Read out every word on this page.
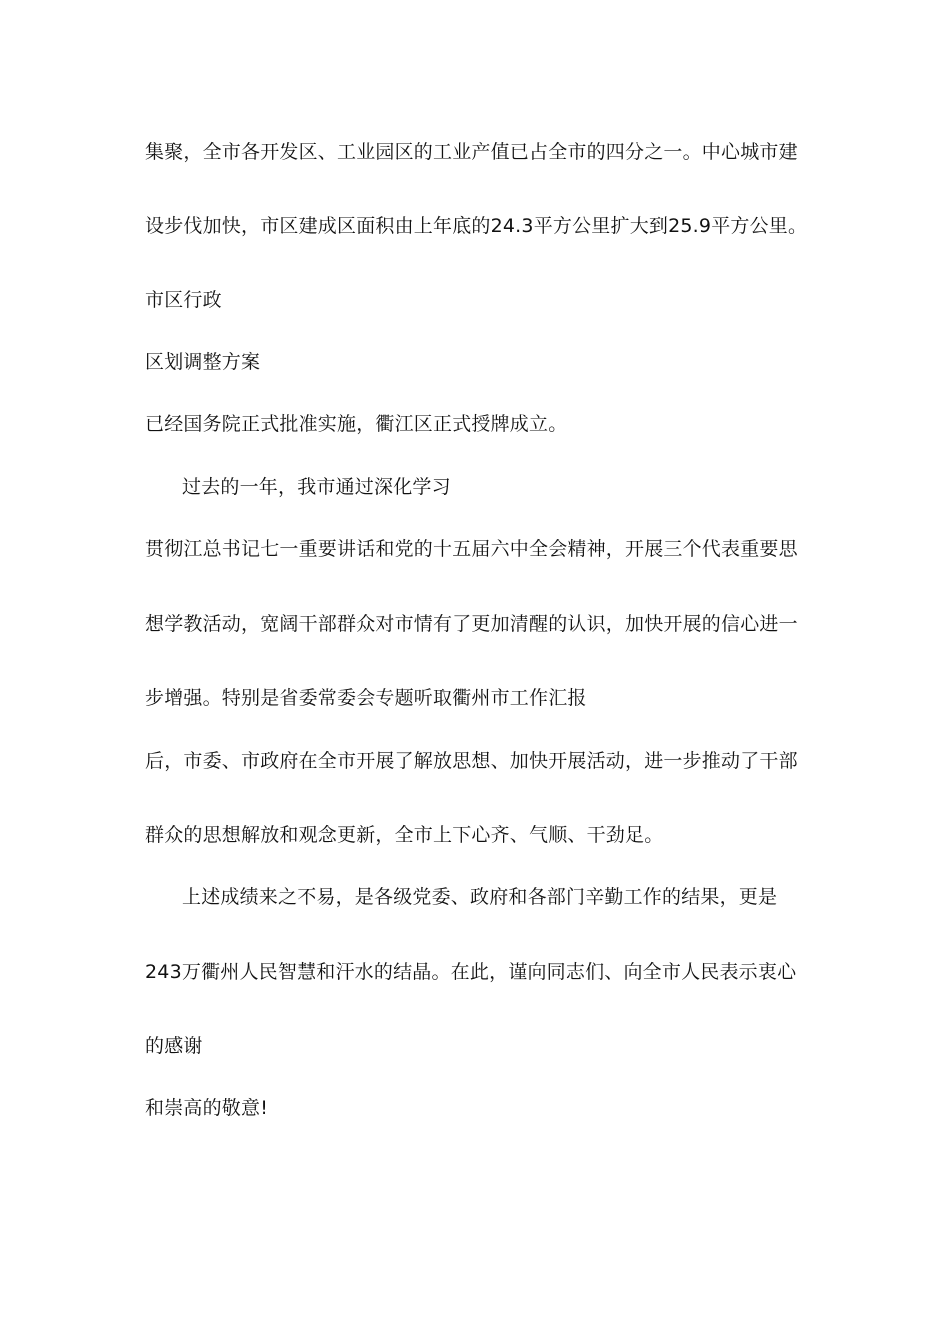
集聚，全市各开发区、工业园区的工业产值已占全市的四分之一。中心城市建
设步伐加快，市区建成区面积由上年底的24.3平方公里扩大到25.9平方公里。
市区行政
区划调整方案
已经国务院正式批准实施，衢江区正式授牌成立。
过去的一年，我市通过深化学习
贯彻江总书记七一重要讲话和党的十五届六中全会精神，开展三个代表重要思
想学教活动，宽阔干部群众对市情有了更加清醒的认识，加快开展的信心进一
步增强。特别是省委常委会专题听取衢州市工作汇报
后，市委、市政府在全市开展了解放思想、加快开展活动，进一步推动了干部
群众的思想解放和观念更新，全市上下心齐、气顺、干劲足。
上述成绩来之不易，是各级党委、政府和各部门辛勤工作的结果，更是
243万衢州人民智慧和汗水的结晶。在此，谨向同志们、向全市人民表示衷心
的感谢
和崇高的敬意!
